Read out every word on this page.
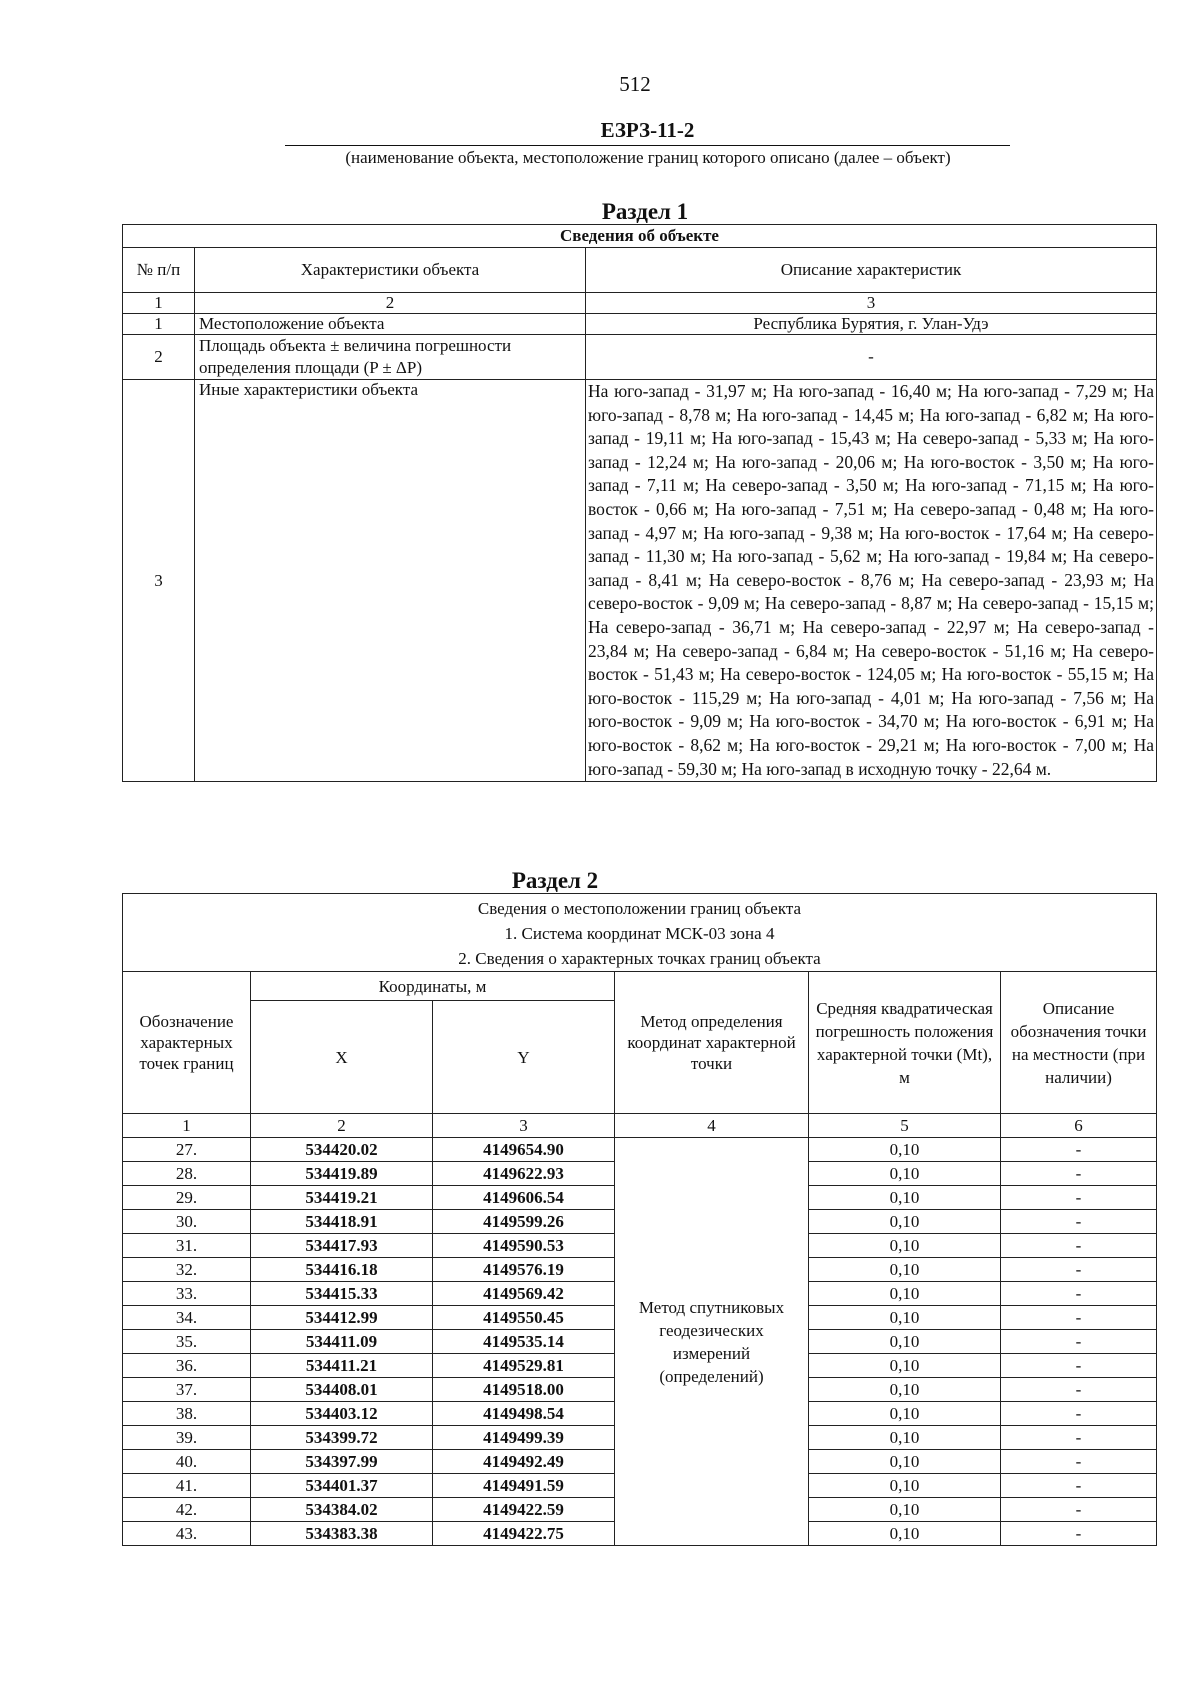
512
ЕЗРЗ-11-2
(наименование объекта, местоположение границ которого описано (далее – объект)
Раздел 1
Сведения об объекте		
№ п/п	Характеристики объекта	Описание характеристик
1	2	3
1	Местоположение объекта	Республика Бурятия, г. Улан-Удэ
2	Площадь объекта ± величина погрешности определения площади (P ± ΔP)	-
3	Иные характеристики объекта	На юго-запад - 31,97 м; На юго-запад - 16,40 м; На юго-запад - 7,29 м; На юго-запад - 8,78 м; На юго-запад - 14,45 м; На юго-запад - 6,82 м; На юго-запад - 19,11 м; На юго-запад - 15,43 м; На северо-запад - 5,33 м; На юго-запад - 12,24 м; На юго-запад - 20,06 м; На юго-восток - 3,50 м; На юго-запад - 7,11 м; На северо-запад - 3,50 м; На юго-запад - 71,15 м; На юго-восток - 0,66 м; На юго-запад - 7,51 м; На северо-запад - 0,48 м; На юго-запад - 4,97 м; На юго-запад - 9,38 м; На юго-восток - 17,64 м; На северо-запад - 11,30 м; На юго-запад - 5,62 м; На юго-запад - 19,84 м; На северо-запад - 8,41 м; На северо-восток - 8,76 м; На северо-запад - 23,93 м; На северо-восток - 9,09 м; На северо-запад - 8,87 м; На северо-запад - 15,15 м; На северо-запад - 36,71 м; На северо-запад - 22,97 м; На северо-запад - 23,84 м; На северо-запад - 6,84 м; На северо-восток - 51,16 м; На северо-восток - 51,43 м; На северо-восток - 124,05 м; На юго-восток - 55,15 м; На юго-восток - 115,29 м; На юго-запад - 4,01 м; На юго-запад - 7,56 м; На юго-восток - 9,09 м; На юго-восток - 34,70 м; На юго-восток - 6,91 м; На юго-восток - 8,62 м; На юго-восток - 29,21 м; На юго-восток - 7,00 м; На юго-запад - 59,30 м; На юго-запад в исходную точку - 22,64 м.
Раздел 2
Сведения о местоположении границ объекта
1. Система координат МСК-03 зона 4
2. Сведения о характерных точках границ объекта					

Обозначение характерных точек границ	Координаты, м		Метод определения координат характерной точки	Средняя квадратическая погрешность положения характерной точки (Mt), м	Описание обозначения точки на местности (при наличии)
	X	Y			
1	2	3	4	5	6
27.	534420.02	4149654.90	Метод спутниковых геодезических измерений (определений)	0,10	-
28.	534419.89	4149622.93		0,10	-
29.	534419.21	4149606.54		0,10	-
30.	534418.91	4149599.26		0,10	-
31.	534417.93	4149590.53		0,10	-
32.	534416.18	4149576.19		0,10	-
33.	534415.33	4149569.42		0,10	-
34.	534412.99	4149550.45		0,10	-
35.	534411.09	4149535.14		0,10	-
36.	534411.21	4149529.81		0,10	-
37.	534408.01	4149518.00		0,10	-
38.	534403.12	4149498.54		0,10	-
39.	534399.72	4149499.39		0,10	-
40.	534397.99	4149492.49		0,10	-
41.	534401.37	4149491.59		0,10	-
42.	534384.02	4149422.59		0,10	-
43.	534383.38	4149422.75		0,10	-
